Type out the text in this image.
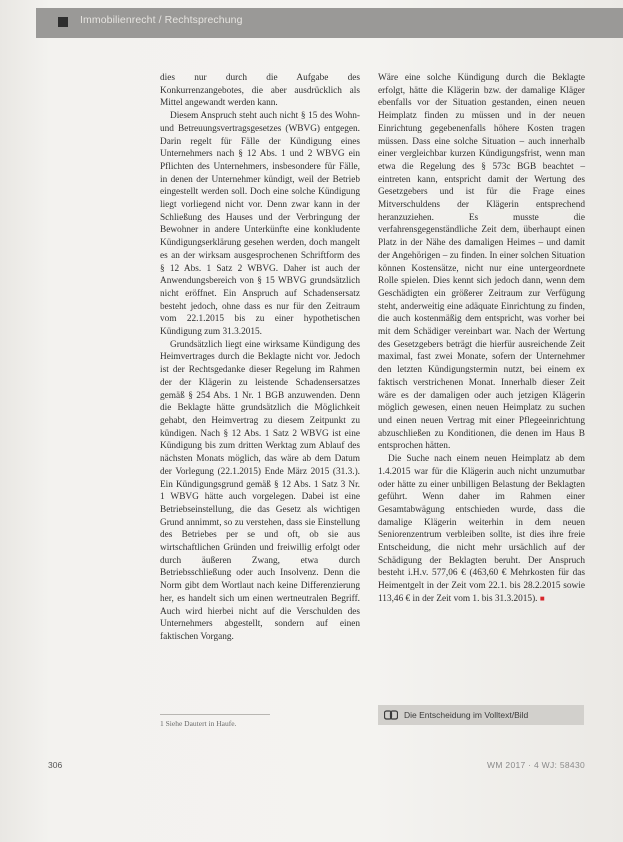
Immobilienrecht / Rechtsprechung

dies nur durch die Aufgabe des Konkurrenzangebotes, die aber ausdrücklich als Mittel angewandt werden kann.

Diesem Anspruch steht auch nicht § 15 des Wohn- und Betreuungsvertragsgesetzes (WBVG) entgegen. Darin regelt für Fälle der Kündigung eines Unternehmers nach § 12 Abs. 1 und 2 WBVG ein Pflichten des Unternehmers, insbesondere für Fälle, in denen der Unternehmer kündigt, weil der Betrieb eingestellt werden soll. Doch eine solche Kündigung liegt vorliegend nicht vor. Denn zwar kann in der Schließung des Hauses und der Verbringung der Bewohner in andere Unterkünfte eine konkludente Kündigungserklärung gesehen werden, doch mangelt es an der wirksam ausgesprochenen Schriftform des § 12 Abs. 1 Satz 2 WBVG. Daher ist auch der Anwendungsbereich von § 15 WBVG grundsätzlich nicht eröffnet. Ein Anspruch auf Schadensersatz besteht jedoch, ohne dass es nur für den Zeitraum vom 22.1.2015 bis zu einer hypothetischen Kündigung zum 31.3.2015.

Grundsätzlich liegt eine wirksame Kündigung des Heimvertrages durch die Beklagte nicht vor. Jedoch ist der Rechtsgedanke dieser Regelung im Rahmen der der Klägerin zu leistende Schadensersatzes gemäß § 254 Abs. 1 Nr. 1 BGB anzuwenden. Denn die Beklagte hätte grundsätzlich die Möglichkeit gehabt, den Heimvertrag zu diesem Zeitpunkt zu kündigen. Nach § 12 Abs. 1 Satz 2 WBVG ist eine Kündigung bis zum dritten Werktag zum Ablauf des nächsten Monats möglich, das wäre ab dem Datum der Vorlegung (22.1.2015) Ende März 2015 (31.3.). Ein Kündigungsgrund gemäß § 12 Abs. 1 Satz 3 Nr. 1 WBVG hätte auch vorgelegen. Dabei ist eine Betriebseinstellung, die das Gesetz als wichtigen Grund annimmt, so zu verstehen, dass sie Einstellung des Betriebes per se und oft, ob sie aus wirtschaftlichen Gründen und freiwillig erfolgt oder durch äußeren Zwang, etwa durch Betriebsschließung oder auch Insolvenz. Denn die Norm gibt dem Wortlaut nach keine Differenzierung her, es handelt sich um einen wertneutralen Begriff. Auch wird hierbei nicht auf die Verschulden des Unternehmers abgestellt, sondern auf einen faktischen Vorgang.

Wäre eine solche Kündigung durch die Beklagte erfolgt, hätte die Klägerin bzw. der damalige Kläger ebenfalls vor der Situation gestanden, einen neuen Heimplatz finden zu müssen und in der neuen Einrichtung gegebenenfalls höhere Kosten tragen müssen. Dass eine solche Situation – auch innerhalb einer vergleichbar kurzen Kündigungsfrist, wenn man etwa die Regelung des § 573c BGB beachtet – eintreten kann, entspricht damit der Wertung des Gesetzgebers und ist für die Frage eines Mitverschuldens der Klägerin entsprechend heranzuziehen. Es musste die verfahrensgegenständliche Zeit dem, überhaupt einen Platz in der Nähe des damaligen Heimes – und damit der Angehörigen – zu finden. In einer solchen Situation können Kostensätze, nicht nur eine untergeordnete Rolle spielen. Dies kennt sich jedoch dann, wenn dem Geschädigten ein größerer Zeitraum zur Verfügung steht, anderweitig eine adäquate Einrichtung zu finden, die auch kostenmäßig dem entspricht, was vorher bei mit dem Schädiger vereinbart war. Nach der Wertung des Gesetzgebers beträgt die hierfür ausreichende Zeit maximal, fast zwei Monate, sofern der Unternehmer den letzten Kündigungstermin nutzt, bei einem ex faktisch verstrichenen Monat. Innerhalb dieser Zeit wäre es der damaligen oder auch jetzigen Klägerin möglich gewesen, einen neuen Heimplatz zu suchen und einen neuen Vertrag mit einer Pflegeeinrichtung abzuschließen zu Konditionen, die denen im Haus B entsprochen hätten.

Die Suche nach einem neuen Heimplatz ab dem 1.4.2015 war für die Klägerin auch nicht unzumutbar oder hätte zu einer unbilligen Belastung der Beklagten geführt. Wenn daher im Rahmen einer Gesamtabwägung entschieden wurde, dass die damalige Klägerin weiterhin in dem neuen Seniorenzentrum verbleiben sollte, ist dies ihre freie Entscheidung, die nicht mehr ursächlich auf der Schädigung der Beklagten beruht. Der Anspruch besteht i.H.v. 577,06 € (463,60 € Mehrkosten für das Heimentgelt in der Zeit vom 22.1. bis 28.2.2015 sowie 113,46 € in der Zeit vom 1. bis 31.3.2015). ■

1 Siehe Dautert in Haufe.
Die Entscheidung im Volltext/Bild
306	WM 2017 · 4 WJ: 58430
